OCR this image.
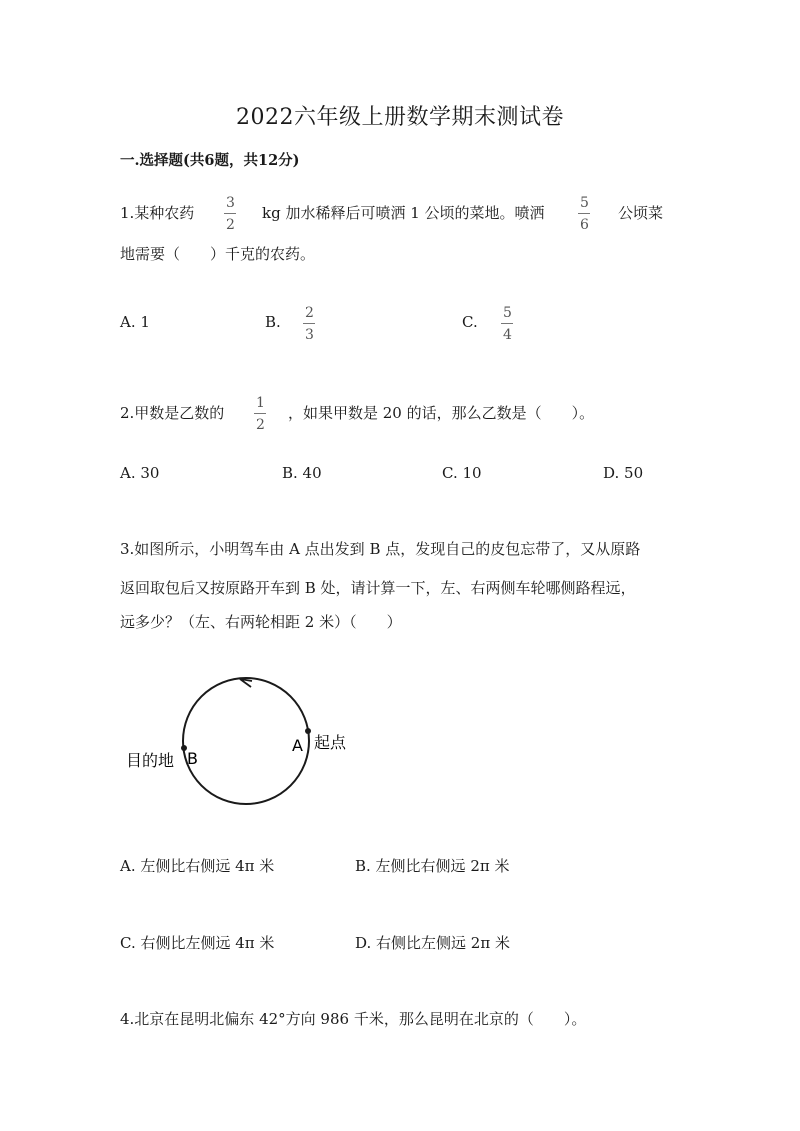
2022六年级上册数学期末测试卷
一.选择题(共6题，共12分)
1.某种农药
3
2
kg 加水稀释后可喷洒 1 公顷的菜地。喷洒
5
6
公顷菜
地需要（　　）千克的农药。
A. 1	B. 2
3
C. 5
4
2.甲数是乙数的
1
2
，如果甲数是 20 的话，那么乙数是（　　）。
A. 30	B. 40	C. 10	D. 50
3.如图所示，小明驾车由 A 点出发到 B 点，发现自己的皮包忘带了，又从原路
返回取包后又按原路开车到 B 处，请计算一下，左、右两侧车轮哪侧路程远，
远多少？（左、右两轮相距 2 米）（　　）
目的地 B
A 起点
A. 左侧比右侧远 4π 米	B. 左侧比右侧远 2π 米
C. 右侧比左侧远 4π 米	D. 右侧比左侧远 2π 米
4.北京在昆明北偏东 42°方向 986 千米，那么昆明在北京的（　　）。
